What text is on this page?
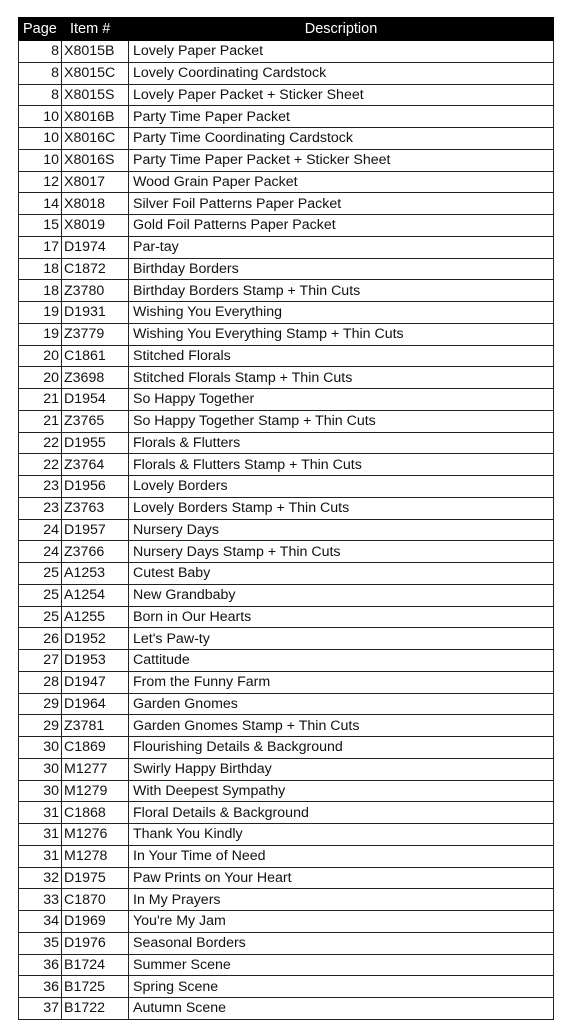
Page	Item #	Description
8	X8015B	Lovely Paper Packet
8	X8015C	Lovely Coordinating Cardstock
8	X8015S	Lovely Paper Packet + Sticker Sheet
10	X8016B	Party Time Paper Packet
10	X8016C	Party Time Coordinating Cardstock
10	X8016S	Party Time Paper Packet + Sticker Sheet
12	X8017	Wood Grain Paper Packet
14	X8018	Silver Foil Patterns Paper Packet
15	X8019	Gold Foil Patterns Paper Packet
17	D1974	Par-tay
18	C1872	Birthday Borders
18	Z3780	Birthday Borders Stamp + Thin Cuts
19	D1931	Wishing You Everything
19	Z3779	Wishing You Everything Stamp + Thin Cuts
20	C1861	Stitched Florals
20	Z3698	Stitched Florals Stamp + Thin Cuts
21	D1954	So Happy Together
21	Z3765	So Happy Together Stamp + Thin Cuts
22	D1955	Florals & Flutters
22	Z3764	Florals & Flutters Stamp + Thin Cuts
23	D1956	Lovely Borders
23	Z3763	Lovely Borders Stamp + Thin Cuts
24	D1957	Nursery Days
24	Z3766	Nursery Days Stamp + Thin Cuts
25	A1253	Cutest Baby
25	A1254	New Grandbaby
25	A1255	Born in Our Hearts
26	D1952	Let's Paw-ty
27	D1953	Cattitude
28	D1947	From the Funny Farm
29	D1964	Garden Gnomes
29	Z3781	Garden Gnomes Stamp + Thin Cuts
30	C1869	Flourishing Details & Background
30	M1277	Swirly Happy Birthday
30	M1279	With Deepest Sympathy
31	C1868	Floral Details & Background
31	M1276	Thank You Kindly
31	M1278	In Your Time of Need
32	D1975	Paw Prints on Your Heart
33	C1870	In My Prayers
34	D1969	You're My Jam
35	D1976	Seasonal Borders
36	B1724	Summer Scene
36	B1725	Spring Scene
37	B1722	Autumn Scene
